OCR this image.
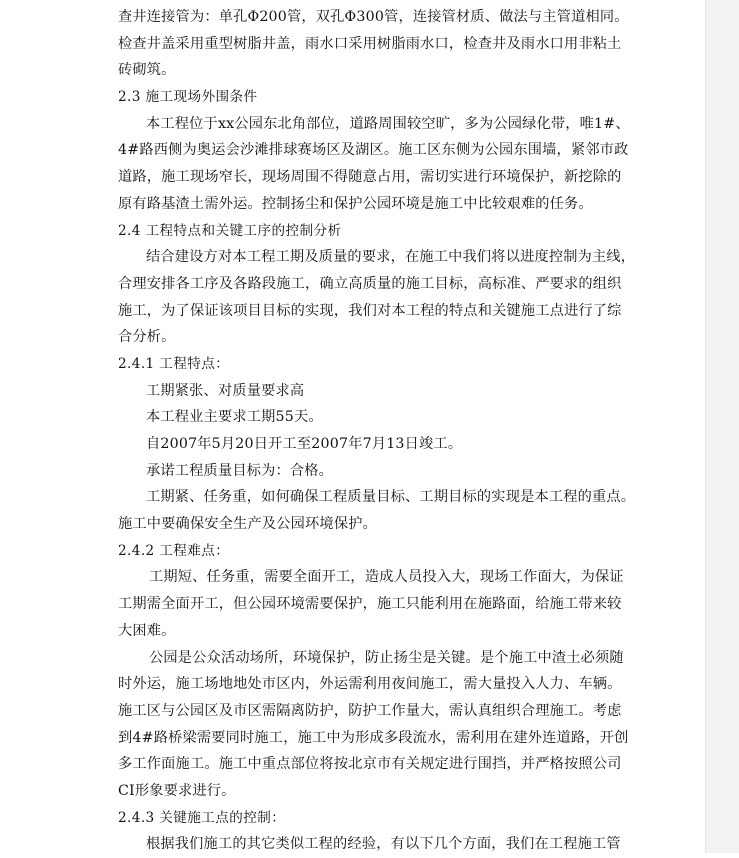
查井连接管为：单孔Φ200管，双孔Φ300管，连接管材质、做法与主管道相同。
检查井盖采用重型树脂井盖，雨水口采用树脂雨水口，检查井及雨水口用非粘土
砖砌筑。
2.3 施工现场外围条件
本工程位于xx公园东北角部位，道路周围较空旷，多为公园绿化带，唯1#、
4#路西侧为奥运会沙滩排球赛场区及湖区。施工区东侧为公园东围墙，紧邻市政
道路，施工现场窄长，现场周围不得随意占用，需切实进行环境保护，新挖除的
原有路基渣土需外运。控制扬尘和保护公园环境是施工中比较艰难的任务。
2.4 工程特点和关键工序的控制分析
结合建设方对本工程工期及质量的要求，在施工中我们将以进度控制为主线，
合理安排各工序及各路段施工，确立高质量的施工目标，高标准、严要求的组织
施工，为了保证该项目目标的实现，我们对本工程的特点和关键施工点进行了综
合分析。
2.4.1 工程特点：
工期紧张、对质量要求高
本工程业主要求工期55天。
自2007年5月20日开工至2007年7月13日竣工。
承诺工程质量目标为：合格。
工期紧、任务重，如何确保工程质量目标、工期目标的实现是本工程的重点。
施工中要确保安全生产及公园环境保护。
2.4.2 工程难点：
工期短、任务重，需要全面开工，造成人员投入大，现场工作面大，为保证
工期需全面开工，但公园环境需要保护，施工只能利用在施路面，给施工带来较
大困难。
公园是公众活动场所，环境保护，防止扬尘是关键。是个施工中渣土必须随
时外运，施工场地地处市区内，外运需利用夜间施工，需大量投入人力、车辆。
施工区与公园区及市区需隔离防护，防护工作量大，需认真组织合理施工。考虑
到4#路桥梁需要同时施工，施工中为形成多段流水，需利用在建外连道路，开创
多工作面施工。施工中重点部位将按北京市有关规定进行围挡，并严格按照公司
CI形象要求进行。
2.4.3 关键施工点的控制：
根据我们施工的其它类似工程的经验，有以下几个方面，我们在工程施工管
